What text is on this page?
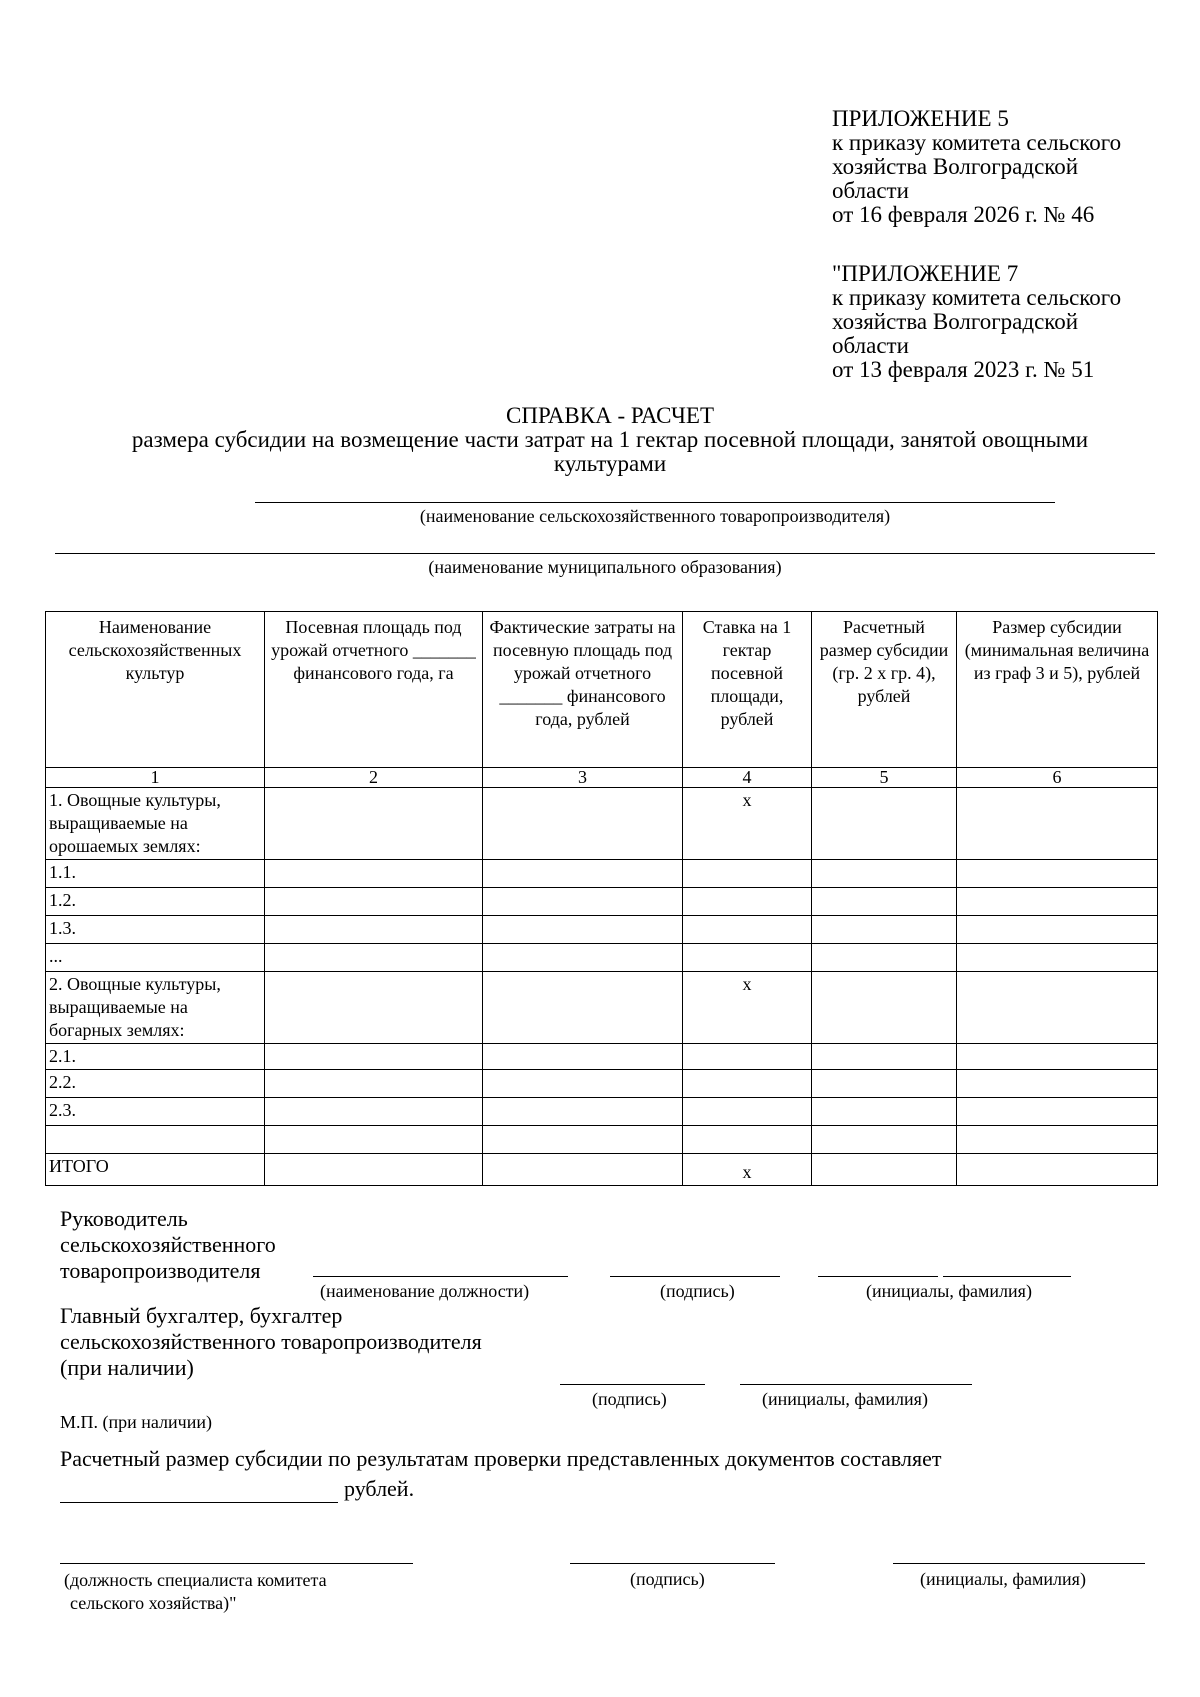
ПРИЛОЖЕНИЕ 5
к приказу комитета сельского
хозяйства Волгоградской
области
от 16 февраля 2026 г. № 46
"ПРИЛОЖЕНИЕ 7
к приказу комитета сельского
хозяйства Волгоградской
области
от 13 февраля 2023 г. № 51
СПРАВКА - РАСЧЕТ
размера субсидии на возмещение части затрат на 1 гектар посевной площади, занятой овощными
культурами
(наименование сельскохозяйственного товаропроизводителя)
(наименование муниципального образования)
Наименование сельскохозяйственных культур	Посевная площадь под урожай отчетного _______ финансового года, га	Фактические затраты на посевную площадь под урожай отчетного _______ финансового года, рублей	Ставка на 1 гектар посевной площади, рублей	Расчетный размер субсидии (гр. 2 х гр. 4), рублей	Размер субсидии (минимальная величина из граф 3 и 5), рублей
1	2	3	4	5	6
1. Овощные культуры, выращиваемые на орошаемых землях:			x		
1.1.					
1.2.					
1.3.					
...					
2. Овощные культуры, выращиваемые на богарных землях:			x		
2.1.					
2.2.					
2.3.					

ИТОГО			x		
Руководитель
сельскохозяйственного
товаропроизводителя
(наименование должности)	(подпись)	(инициалы, фамилия)
Главный бухгалтер, бухгалтер
сельскохозяйственного товаропроизводителя
(при наличии)
(подпись)	(инициалы, фамилия)
М.П. (при наличии)
Расчетный размер субсидии по результатам проверки представленных документов составляет
рублей.
(должность специалиста комитета
сельского хозяйства)"
(подпись)	(инициалы, фамилия)
